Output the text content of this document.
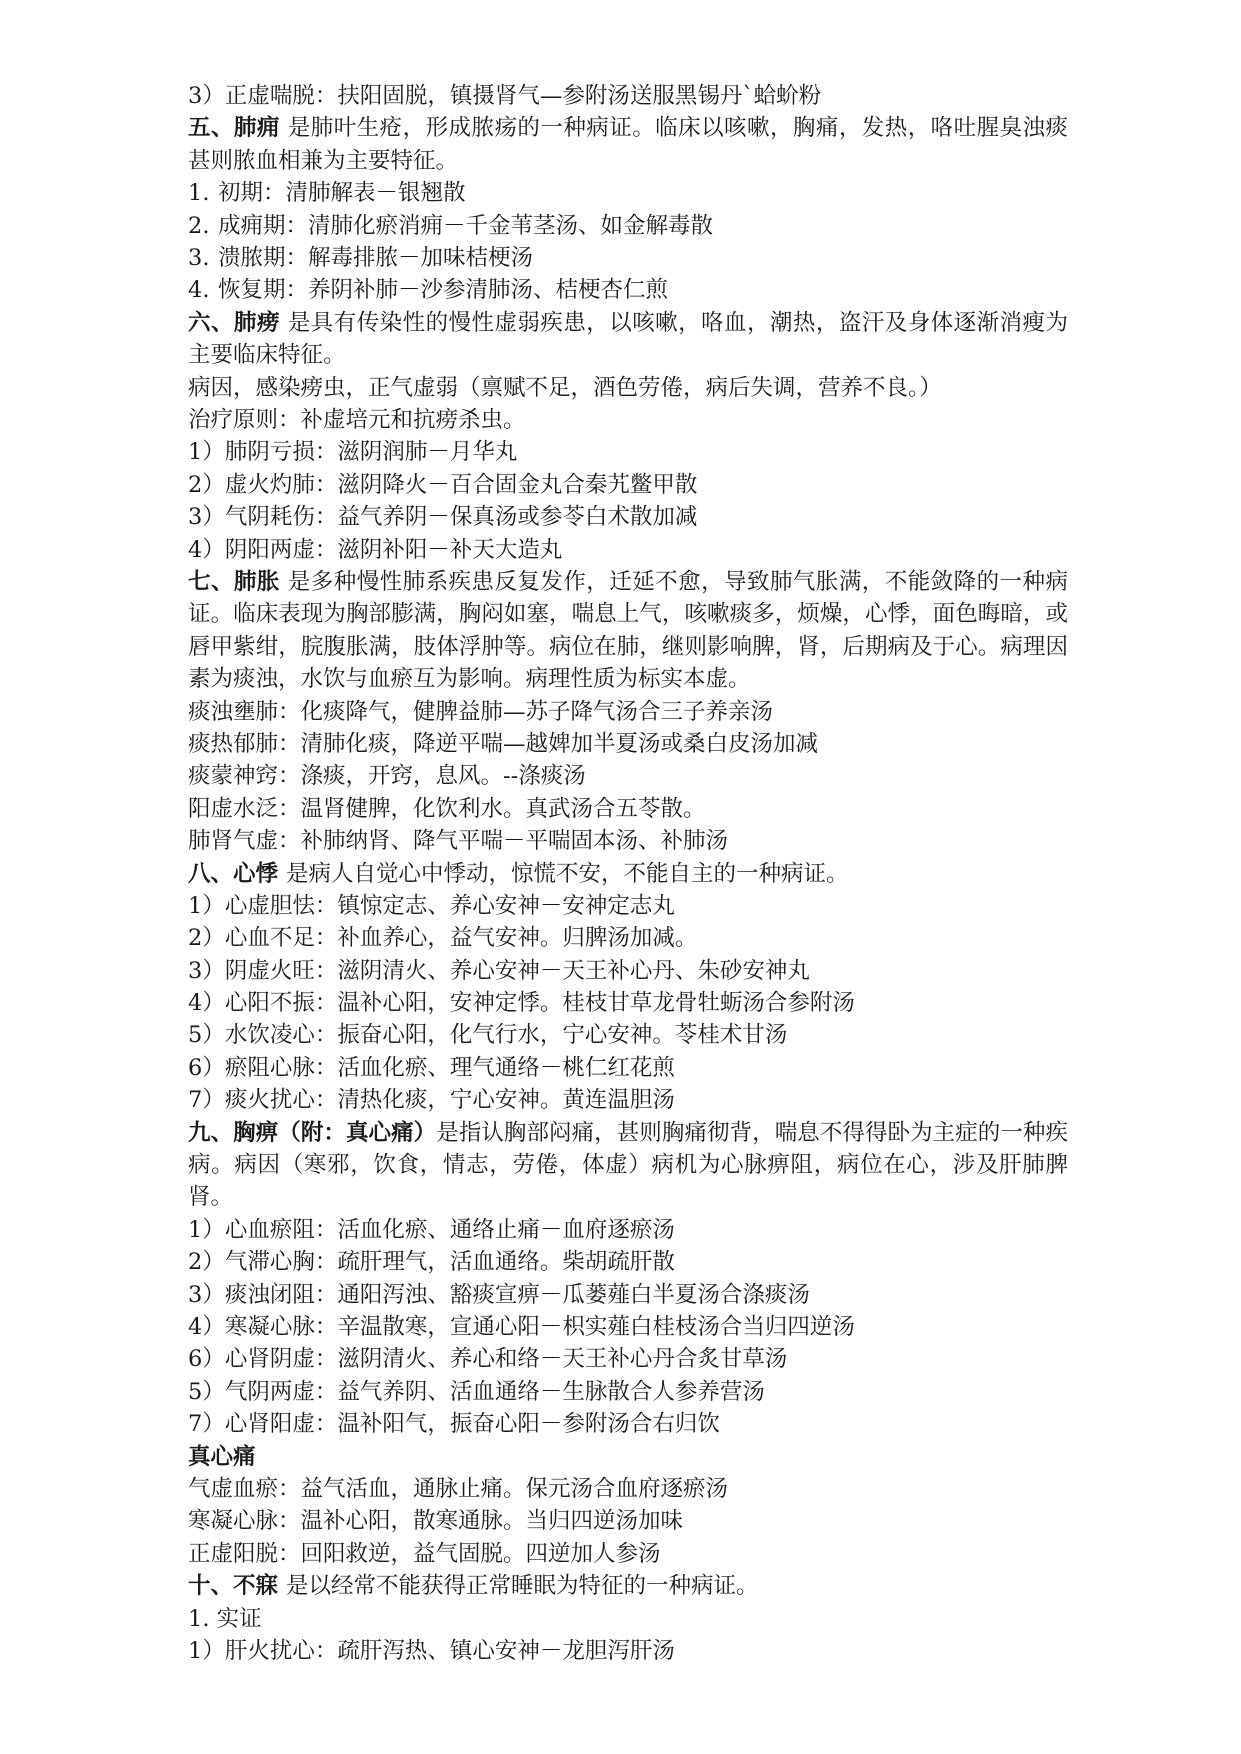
3）正虚喘脱：扶阳固脱，镇摄肾气—参附汤送服黑锡丹`蛤蚧粉
五、肺痈 是肺叶生疮，形成脓疡的一种病证。临床以咳嗽，胸痛，发热，咯吐腥臭浊痰甚则脓血相兼为主要特征。
1. 初期：清肺解表－银翘散
2. 成痈期：清肺化瘀消痈－千金苇茎汤、如金解毒散
3. 溃脓期：解毒排脓－加味桔梗汤
4. 恢复期：养阴补肺－沙参清肺汤、桔梗杏仁煎
六、肺痨 是具有传染性的慢性虚弱疾患，以咳嗽，咯血，潮热，盗汗及身体逐渐消瘦为主要临床特征。
病因，感染痨虫，正气虚弱（禀赋不足，酒色劳倦，病后失调，营养不良。）
治疗原则：补虚培元和抗痨杀虫。
1）肺阴亏损：滋阴润肺－月华丸
2）虚火灼肺：滋阴降火－百合固金丸合秦艽鳖甲散
3）气阴耗伤：益气养阴－保真汤或参苓白术散加减
4）阴阳两虚：滋阴补阳－补天大造丸
七、肺胀 是多种慢性肺系疾患反复发作，迁延不愈，导致肺气胀满，不能敛降的一种病证。临床表现为胸部膨满，胸闷如塞，喘息上气，咳嗽痰多，烦燥，心悸，面色晦暗，或唇甲紫绀，脘腹胀满，肢体浮肿等。病位在肺，继则影响脾，肾，后期病及于心。病理因素为痰浊，水饮与血瘀互为影响。病理性质为标实本虚。
痰浊壅肺：化痰降气，健脾益肺—苏子降气汤合三子养亲汤
痰热郁肺：清肺化痰，降逆平喘—越婢加半夏汤或桑白皮汤加减
痰蒙神窍：涤痰，开窍，息风。--涤痰汤
阳虚水泛：温肾健脾，化饮利水。真武汤合五苓散。
肺肾气虚：补肺纳肾、降气平喘－平喘固本汤、补肺汤
八、心悸 是病人自觉心中悸动，惊慌不安，不能自主的一种病证。
1）心虚胆怯：镇惊定志、养心安神－安神定志丸
2）心血不足：补血养心，益气安神。归脾汤加减。
3）阴虚火旺：滋阴清火、养心安神－天王补心丹、朱砂安神丸
4）心阳不振：温补心阳，安神定悸。桂枝甘草龙骨牡蛎汤合参附汤
5）水饮凌心：振奋心阳，化气行水，宁心安神。苓桂术甘汤
6）瘀阻心脉：活血化瘀、理气通络－桃仁红花煎
7）痰火扰心：清热化痰，宁心安神。黄连温胆汤
九、胸痹（附：真心痛）是指认胸部闷痛，甚则胸痛彻背，喘息不得得卧为主症的一种疾病。病因（寒邪，饮食，情志，劳倦，体虚）病机为心脉痹阻，病位在心，涉及肝肺脾肾。
1）心血瘀阻：活血化瘀、通络止痛－血府逐瘀汤
2）气滞心胸：疏肝理气，活血通络。柴胡疏肝散
3）痰浊闭阻：通阳泻浊、豁痰宣痹－瓜蒌薤白半夏汤合涤痰汤
4）寒凝心脉：辛温散寒，宣通心阳－枳实薤白桂枝汤合当归四逆汤
6）心肾阴虚：滋阴清火、养心和络－天王补心丹合炙甘草汤
5）气阴两虚：益气养阴、活血通络－生脉散合人参养营汤
7）心肾阳虚：温补阳气，振奋心阳－参附汤合右归饮
真心痛
气虚血瘀：益气活血，通脉止痛。保元汤合血府逐瘀汤
寒凝心脉：温补心阳，散寒通脉。当归四逆汤加味
正虚阳脱：回阳救逆，益气固脱。四逆加人参汤
十、不寐 是以经常不能获得正常睡眠为特征的一种病证。
1. 实证
1）肝火扰心：疏肝泻热、镇心安神－龙胆泻肝汤
